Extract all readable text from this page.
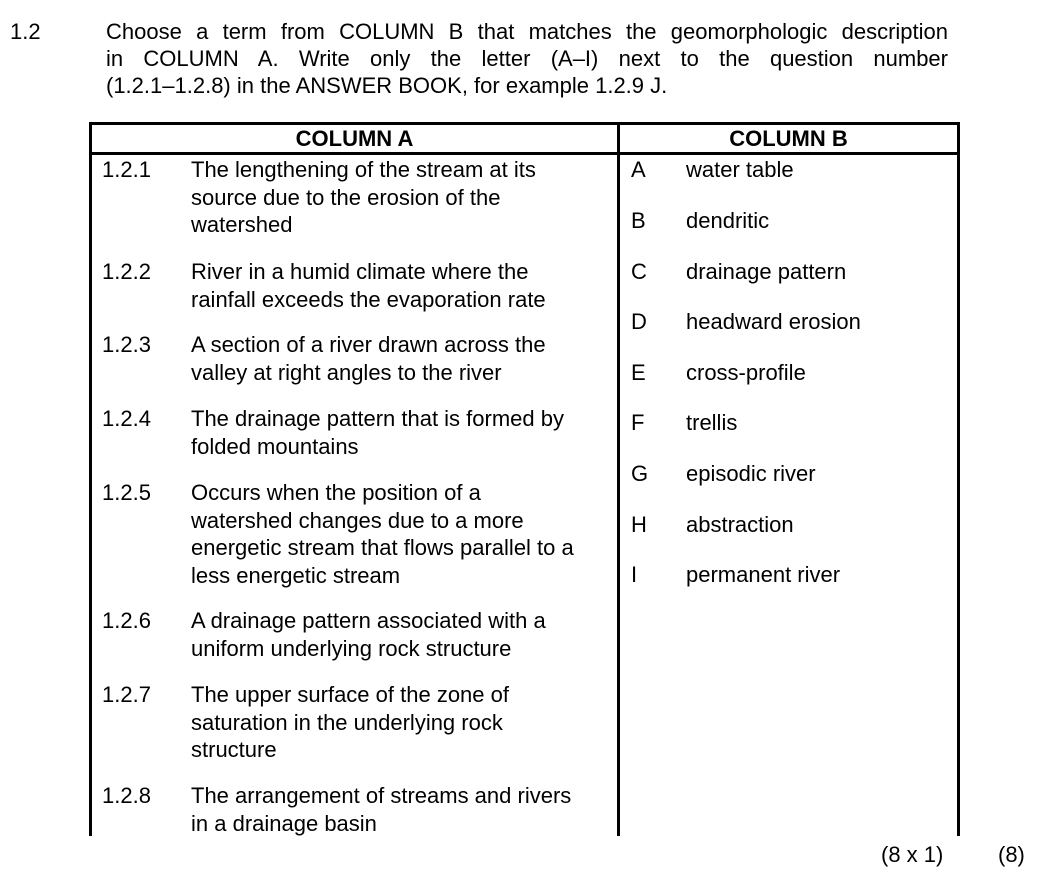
1.2	Choose a term from COLUMN B that matches the geomorphologic description
in COLUMN A. Write only the letter (A–I) next to the question number
(1.2.1–1.2.8) in the ANSWER BOOK, for example 1.2.9 J.
COLUMN A	COLUMN B
1.2.1 The lengthening of the stream at its
source due to the erosion of the
watershed
1.2.2 River in a humid climate where the
rainfall exceeds the evaporation rate
1.2.3 A section of a river drawn across the
valley at right angles to the river
1.2.4 The drainage pattern that is formed by
folded mountains
1.2.5 Occurs when the position of a
watershed changes due to a more
energetic stream that flows parallel to a
less energetic stream
1.2.6 A drainage pattern associated with a
uniform underlying rock structure
1.2.7 The upper surface of the zone of
saturation in the underlying rock
structure
1.2.8 The arrangement of streams and rivers
in a drainage basin
A water table
B dendritic
C drainage pattern
D headward erosion
E cross-profile
F trellis
G episodic river
H abstraction
I permanent river
(8 x 1) (8)
